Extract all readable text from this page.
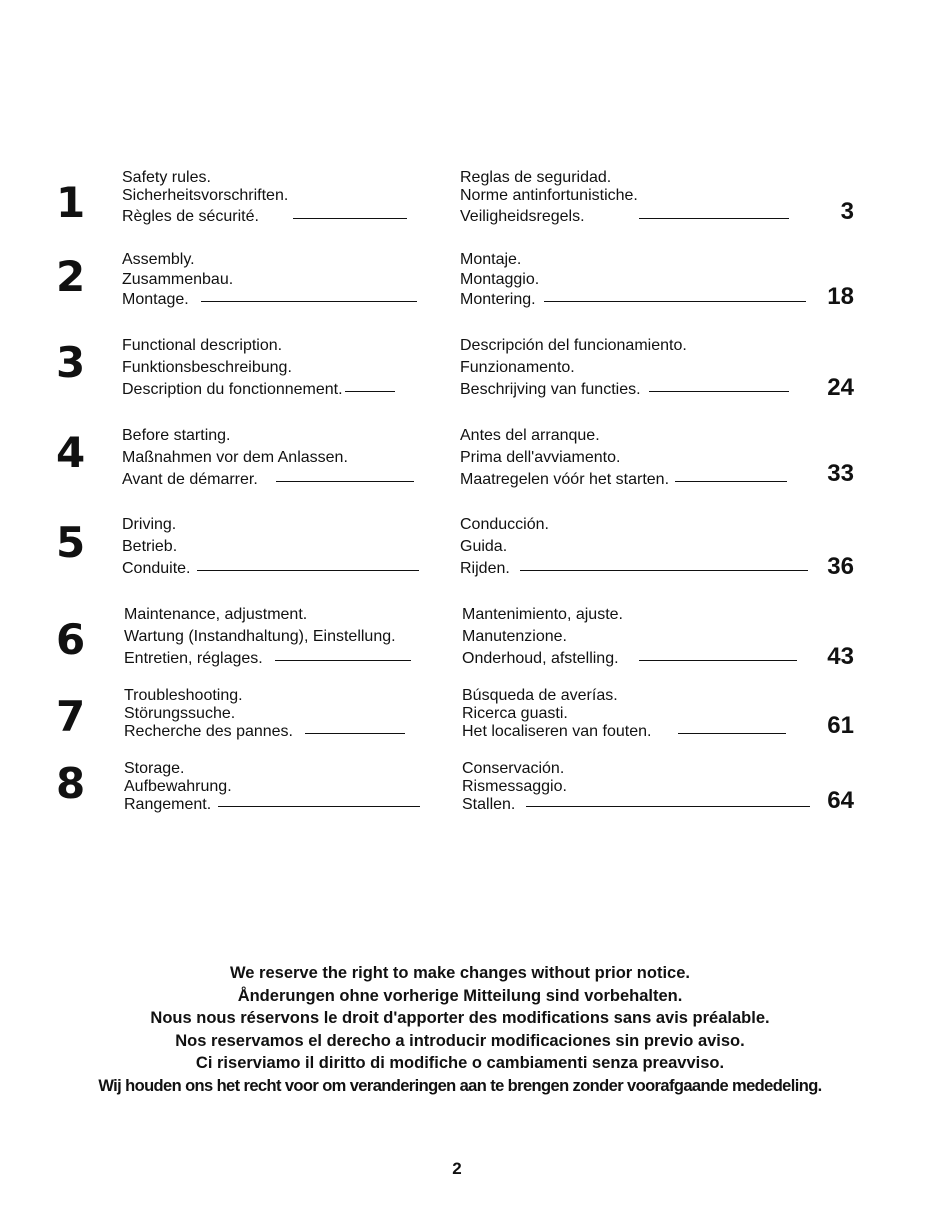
1
Safety rules.
Sicherheitsvorschriften.
Règles de sécurité.
Reglas de seguridad.
Norme antinfortunistiche.
Veiligheidsregels.	3
2 Assembly.
Zusammenbau.
Montage.
Montaje.
Montaggio.
Montering.	18
3 Functional description.
Funktionsbeschreibung.
Description du fonctionnement.
Descripción del funcionamiento.
Funzionamento.
Beschrijving van functies.	24
4 Before starting.
Maßnahmen vor dem Anlassen.
Avant de démarrer.
Antes del arranque.
Prima dell'avviamento.
Maatregelen vóór het starten.	33
5 Driving.
Betrieb.
Conduite.
Conducción.
Guida.
Rijden.	36
6
Maintenance, adjustment.
Wartung (Instandhaltung), Einstellung.
Entretien, réglages.
Mantenimiento, ajuste.
Manutenzione.
Onderhoud, afstelling.	43
7 Troubleshooting.
Störungssuche.
Recherche des pannes.
Búsqueda de averías.
Ricerca guasti.
Het localiseren van fouten.	61
8 Storage.
Aufbewahrung.
Rangement.
Conservación.
Rismessaggio.
Stallen.	64
We reserve the right to make changes without prior notice.
Ånderungen ohne vorherige Mitteilung sind vorbehalten.
Nous nous réservons le droit d'apporter des modifications sans avis préalable.
Nos reservamos el derecho a introducir modificaciones sin previo aviso.
Ci riserviamo il diritto di modifiche o cambiamenti senza preavviso.
Wij houden ons het recht voor om veranderingen aan te brengen zonder voorafgaande mededeling.
2
